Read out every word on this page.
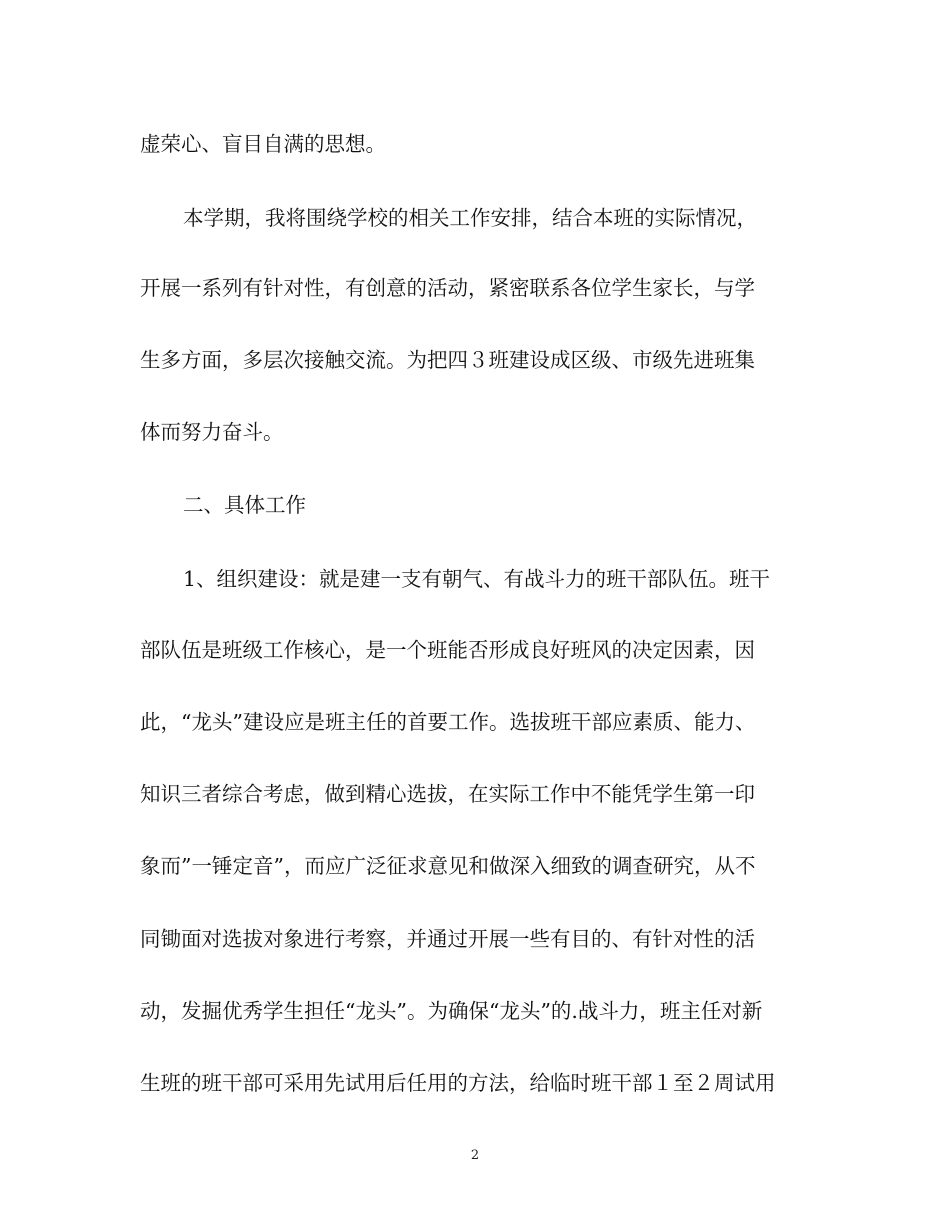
虚荣心、盲目自满的思想。
本学期，我将围绕学校的相关工作安排，结合本班的实际情况，
开展一系列有针对性，有创意的活动，紧密联系各位学生家长，与学
生多方面，多层次接触交流。为把四３班建设成区级、市级先进班集
体而努力奋斗。
二、具体工作
1、组织建设：就是建一支有朝气、有战斗力的班干部队伍。班干
部队伍是班级工作核心，是一个班能否形成良好班风的决定因素，因
此，“龙头”建设应是班主任的首要工作。选拔班干部应素质、能力、
知识三者综合考虑，做到精心选拔，在实际工作中不能凭学生第一印
象而”一锤定音”，而应广泛征求意见和做深入细致的调查研究，从不
同锄面对选拔对象进行考察，并通过开展一些有目的、有针对性的活
动，发掘优秀学生担任“龙头”。为确保“龙头”的.战斗力，班主任对新
生班的班干部可采用先试用后任用的方法，给临时班干部１至２周试用
2
